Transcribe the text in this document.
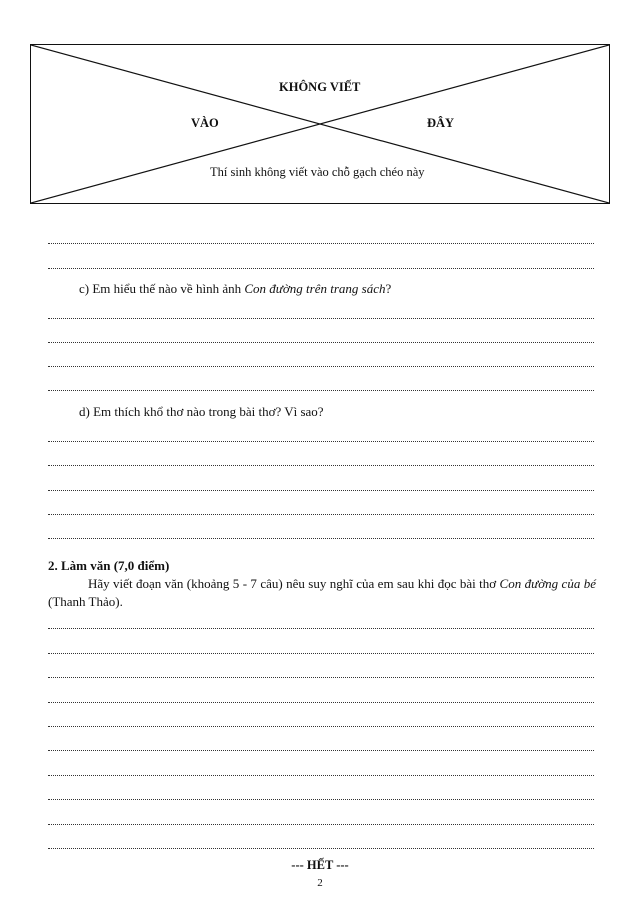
KHÔNG VIẾT
VÀO	ĐÂY
Thí sinh không viết vào chỗ gạch chéo này
c) Em hiểu thế nào về hình ảnh Con đường trên trang sách?
d) Em thích khổ thơ nào trong bài thơ? Vì sao?
2. Làm văn (7,0 điểm)
Hãy viết đoạn văn (khoảng 5 - 7 câu) nêu suy nghĩ của em sau khi đọc bài thơ Con đường của bé (Thanh Thảo).
--- HẾT ---
2
